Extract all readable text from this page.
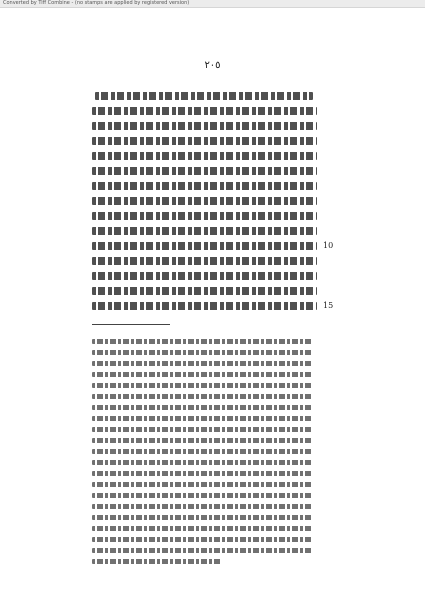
Converted by Tiff Combine - (no stamps are applied by registered version)
٢٠٥
10
15
